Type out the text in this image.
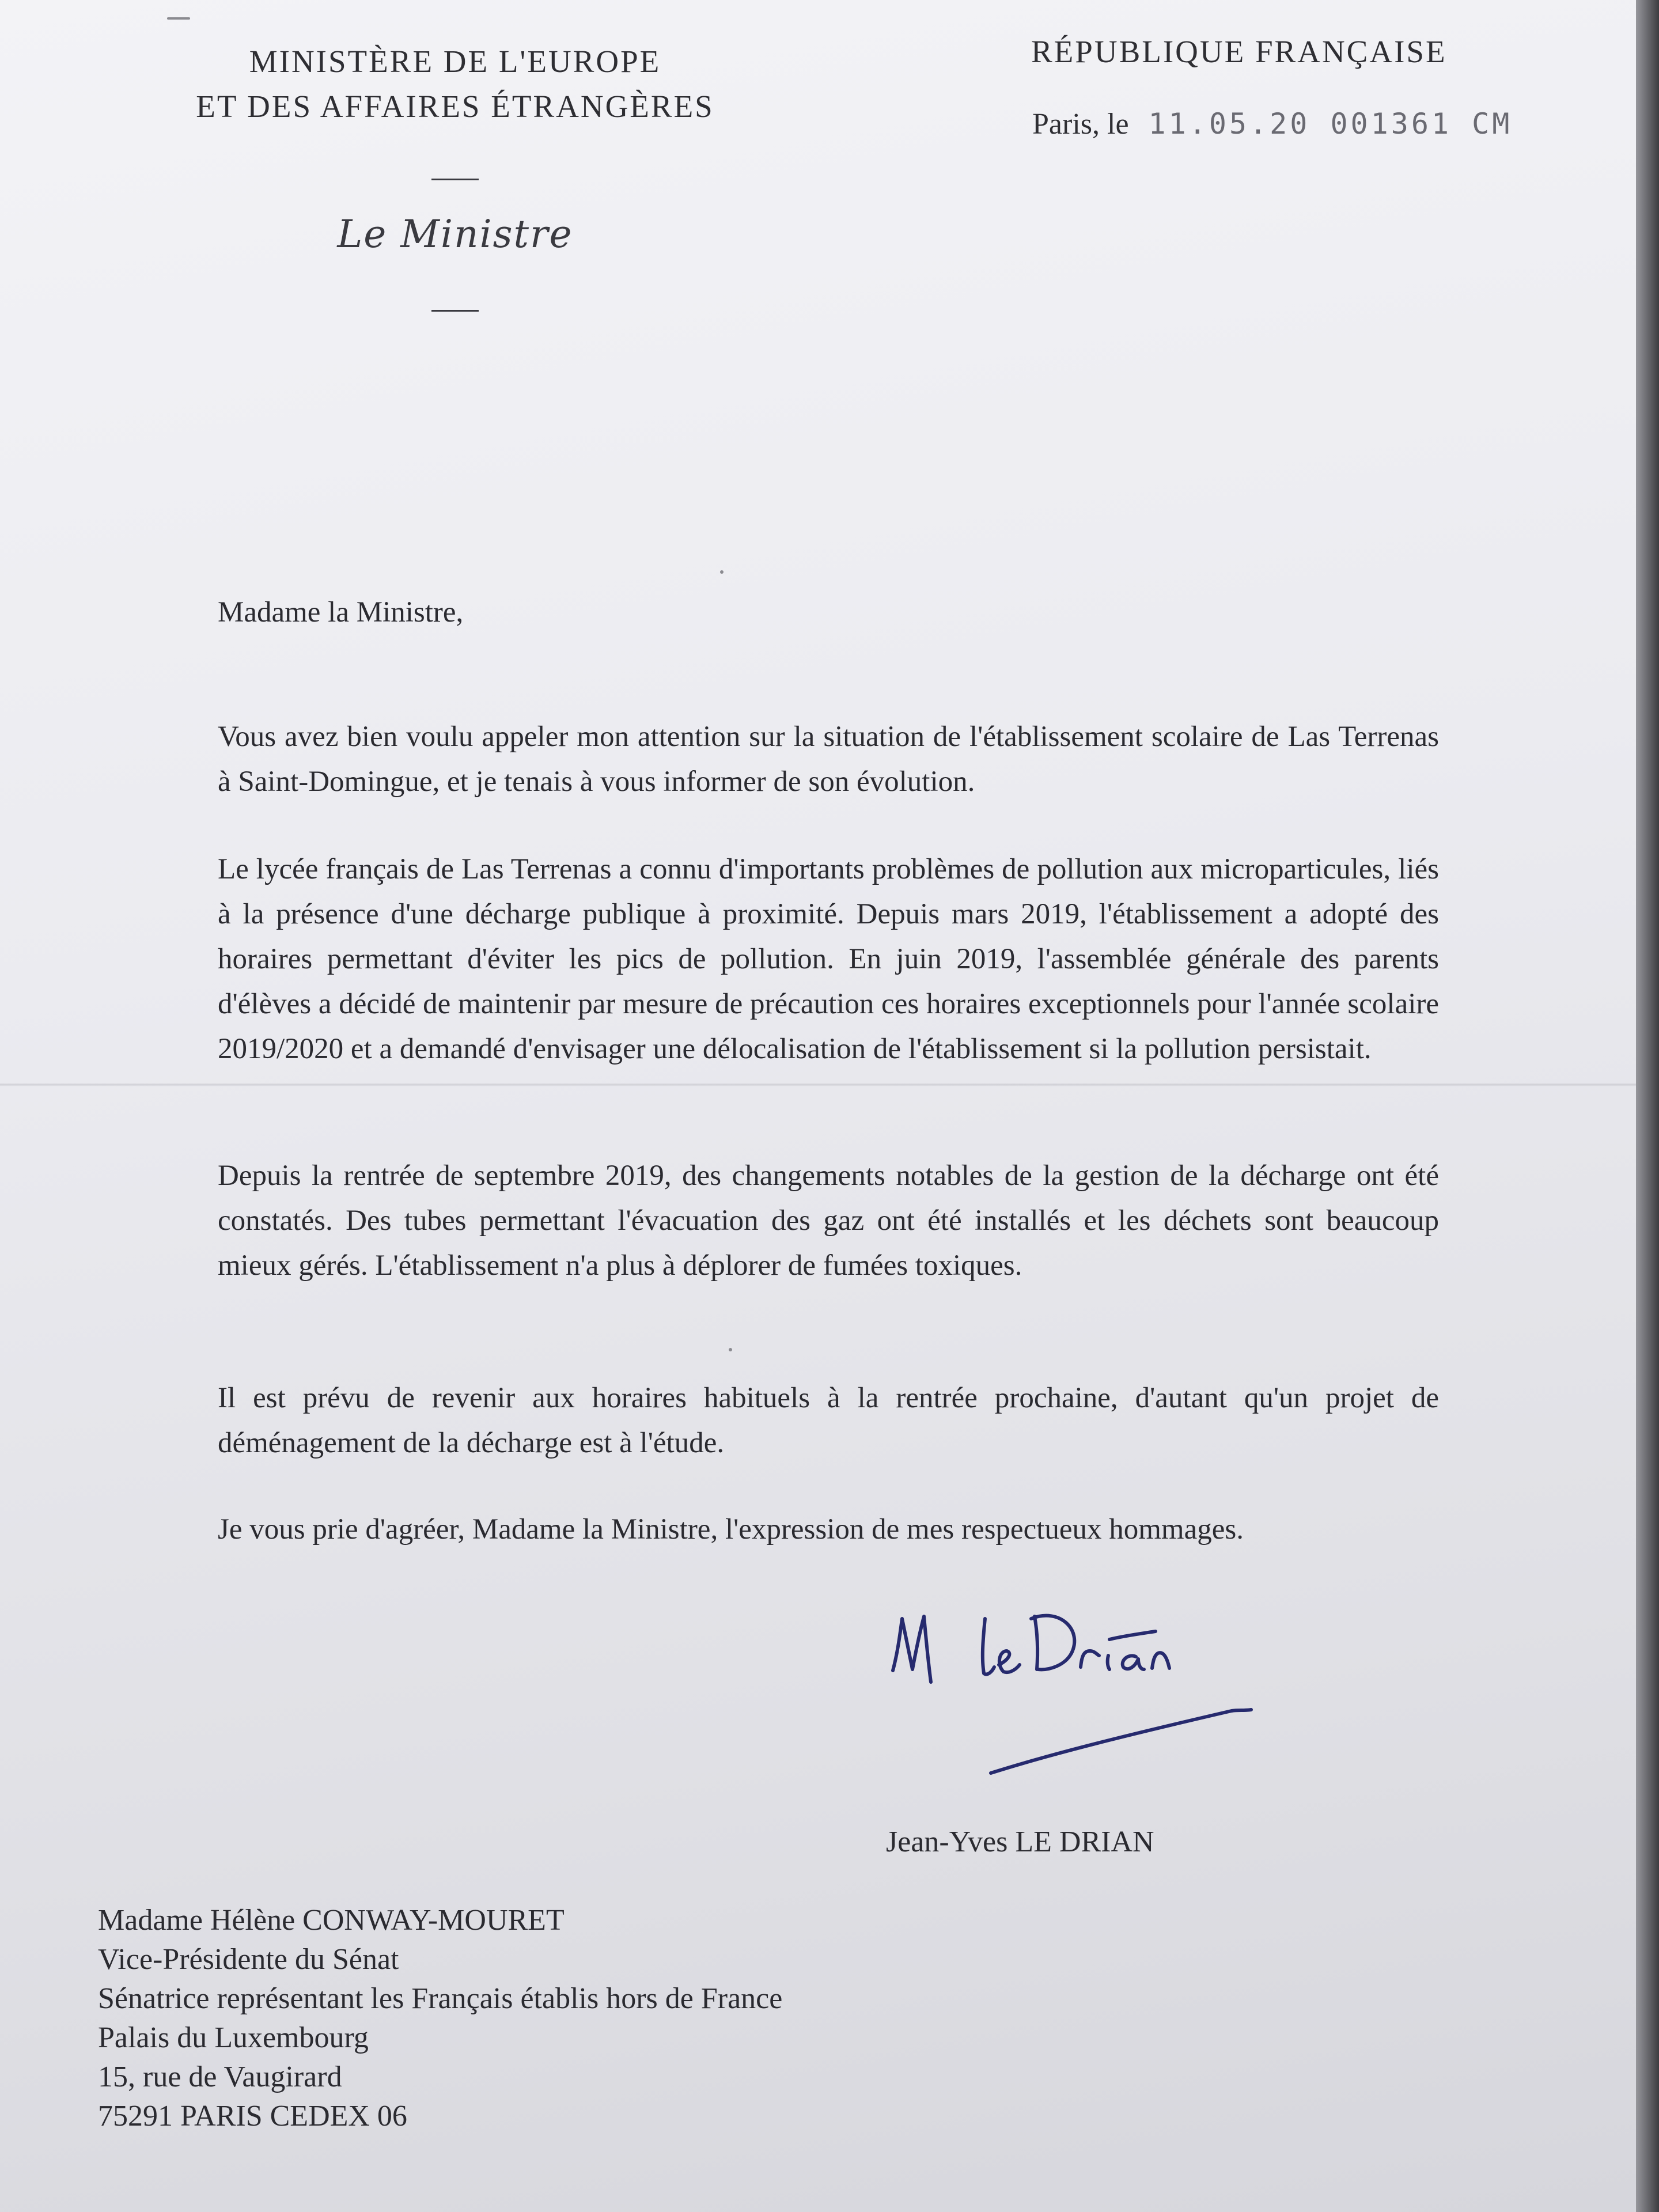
MINISTÈRE DE L'EUROPE
ET DES AFFAIRES ÉTRANGÈRES
Le Ministre
RÉPUBLIQUE FRANÇAISE
Paris, le 11.05.20 001361 CM
Madame la Ministre,

Vous avez bien voulu appeler mon attention sur la situation de l'établissement scolaire de Las Terrenas à Saint-Domingue, et je tenais à vous informer de son évolution.

Le lycée français de Las Terrenas a connu d'importants problèmes de pollution aux microparticules, liés à la présence d'une décharge publique à proximité. Depuis mars 2019, l'établissement a adopté des horaires permettant d'éviter les pics de pollution. En juin 2019, l'assemblée générale des parents d'élèves a décidé de maintenir par mesure de précaution ces horaires exceptionnels pour l'année scolaire 2019/2020 et a demandé d'envisager une délocalisation de l'établissement si la pollution persistait.

Depuis la rentrée de septembre 2019, des changements notables de la gestion de la décharge ont été constatés. Des tubes permettant l'évacuation des gaz ont été installés et les déchets sont beaucoup mieux gérés. L'établissement n'a plus à déplorer de fumées toxiques.

Il est prévu de revenir aux horaires habituels à la rentrée prochaine, d'autant qu'un projet de déménagement de la décharge est à l'étude.

Je vous prie d'agréer, Madame la Ministre, l'expression de mes respectueux hommages.

Jean-Yves LE DRIAN
Madame Hélène CONWAY-MOURET
Vice-Présidente du Sénat
Sénatrice représentant les Français établis hors de France
Palais du Luxembourg
15, rue de Vaugirard
75291 PARIS CEDEX 06
